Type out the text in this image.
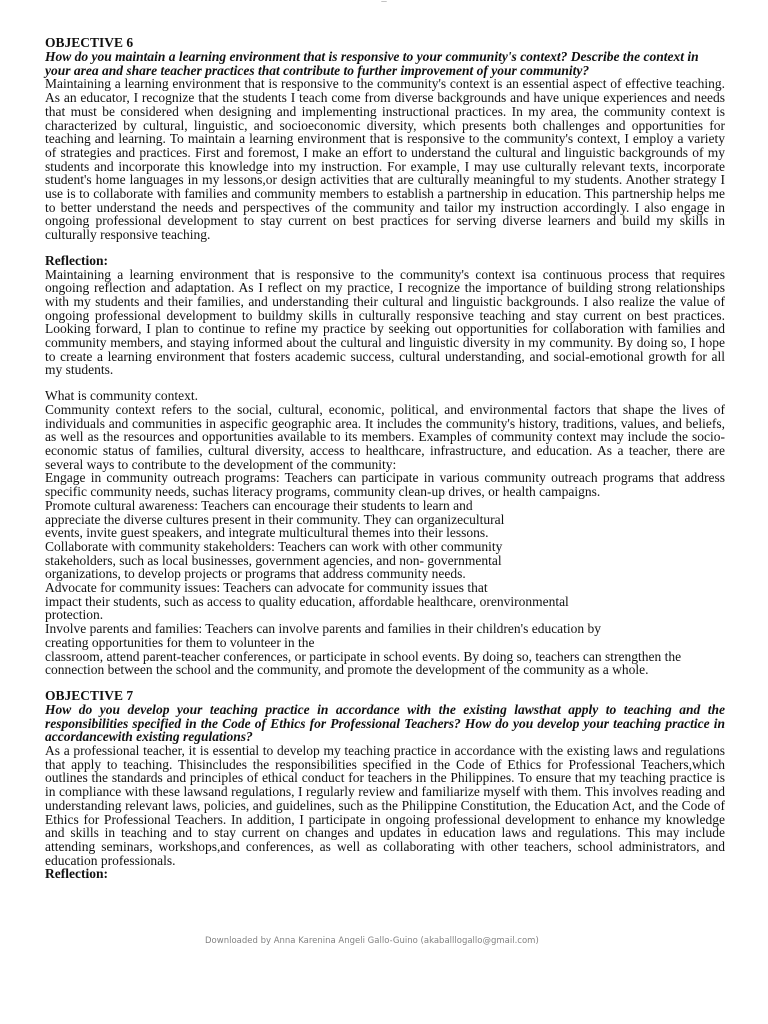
—

OBJECTIVE 6

How do you maintain a learning environment that is responsive to your community's context? Describe the context in your area and share teacher practices that contribute to further improvement of your community?

Maintaining a learning environment that is responsive to the community's context is an essential aspect of effective teaching. As an educator, I recognize that the students I teach come from diverse backgrounds and have unique experiences and needs that must be considered when designing and implementing instructional practices. In my area, the community context is characterized by cultural, linguistic, and socioeconomic diversity, which presents both challenges and opportunities for teaching and learning. To maintain a learning environment that is responsive to the community's context, I employ a variety of strategies and practices. First and foremost, I make an effort to understand the cultural and linguistic backgrounds of my students and incorporate this knowledge into my instruction. For example, I may use culturally relevant texts, incorporate student's home languages in my lessons,or design activities that are culturally meaningful to my students. Another strategy I use is to collaborate with families and community members to establish a partnership in education. This partnership helps me to better understand the needs and perspectives of the community and tailor my instruction accordingly. I also engage in ongoing professional development to stay current on best practices for serving diverse learners and build my skills in culturally responsive teaching.

Reflection:

Maintaining a learning environment that is responsive to the community's context isa continuous process that requires ongoing reflection and adaptation. As I reflect on my practice, I recognize the importance of building strong relationships with my students and their families, and understanding their cultural and linguistic backgrounds. I also realize the value of ongoing professional development to buildmy skills in culturally responsive teaching and stay current on best practices. Looking forward, I plan to continue to refine my practice by seeking out opportunities for collaboration with families and community members, and staying informed about the cultural and linguistic diversity in my community. By doing so, I hope to create a learning environment that fosters academic success, cultural understanding, and social-emotional growth for all my students.

What is community context.

Community context refers to the social, cultural, economic, political, and environmental factors that shape the lives of individuals and communities in aspecific geographic area. It includes the community's history, traditions, values, and beliefs, as well as the resources and opportunities available to its members. Examples of community context may include the socio-economic status of families, cultural diversity, access to healthcare, infrastructure, and education. As a teacher, there are several ways to contribute to the development of the community:

Engage in community outreach programs: Teachers can participate in various community outreach programs that address specific community needs, suchas literacy programs, community clean-up drives, or health campaigns.

Promote cultural awareness: Teachers can encourage their students to learn and
appreciate the diverse cultures present in their community. They can organizecultural
events, invite guest speakers, and integrate multicultural themes into their lessons.

Collaborate with community stakeholders: Teachers can work with other community
stakeholders, such as local businesses, government agencies, and non- governmental
organizations, to develop projects or programs that address community needs.

Advocate for community issues: Teachers can advocate for community issues that
impact their students, such as access to quality education, affordable healthcare, orenvironmental
protection.

Involve parents and families: Teachers can involve parents and families in their children's education by
creating opportunities for them to volunteer in the
classroom, attend parent-teacher conferences, or participate in school events. By doing so, teachers can strengthen the connection between the school and the community, and promote the development of the community as a whole.

OBJECTIVE 7

How do you develop your teaching practice in accordance with the existing lawsthat apply to teaching and the responsibilities specified in the Code of Ethics for Professional Teachers? How do you develop your teaching practice in accordancewith existing regulations?

As a professional teacher, it is essential to develop my teaching practice in accordance with the existing laws and regulations that apply to teaching. Thisincludes the responsibilities specified in the Code of Ethics for Professional Teachers,which outlines the standards and principles of ethical conduct for teachers in the Philippines. To ensure that my teaching practice is in compliance with these lawsand regulations, I regularly review and familiarize myself with them. This involves reading and understanding relevant laws, policies, and guidelines, such as the Philippine Constitution, the Education Act, and the Code of Ethics for Professional Teachers. In addition, I participate in ongoing professional development to enhance my knowledge and skills in teaching and to stay current on changes and updates in education laws and regulations. This may include attending seminars, workshops,and conferences, as well as collaborating with other teachers, school administrators, and education professionals.

Reflection:

Downloaded by Anna Karenina Angeli Gallo-Guino (akaballlogallo@gmail.com)
